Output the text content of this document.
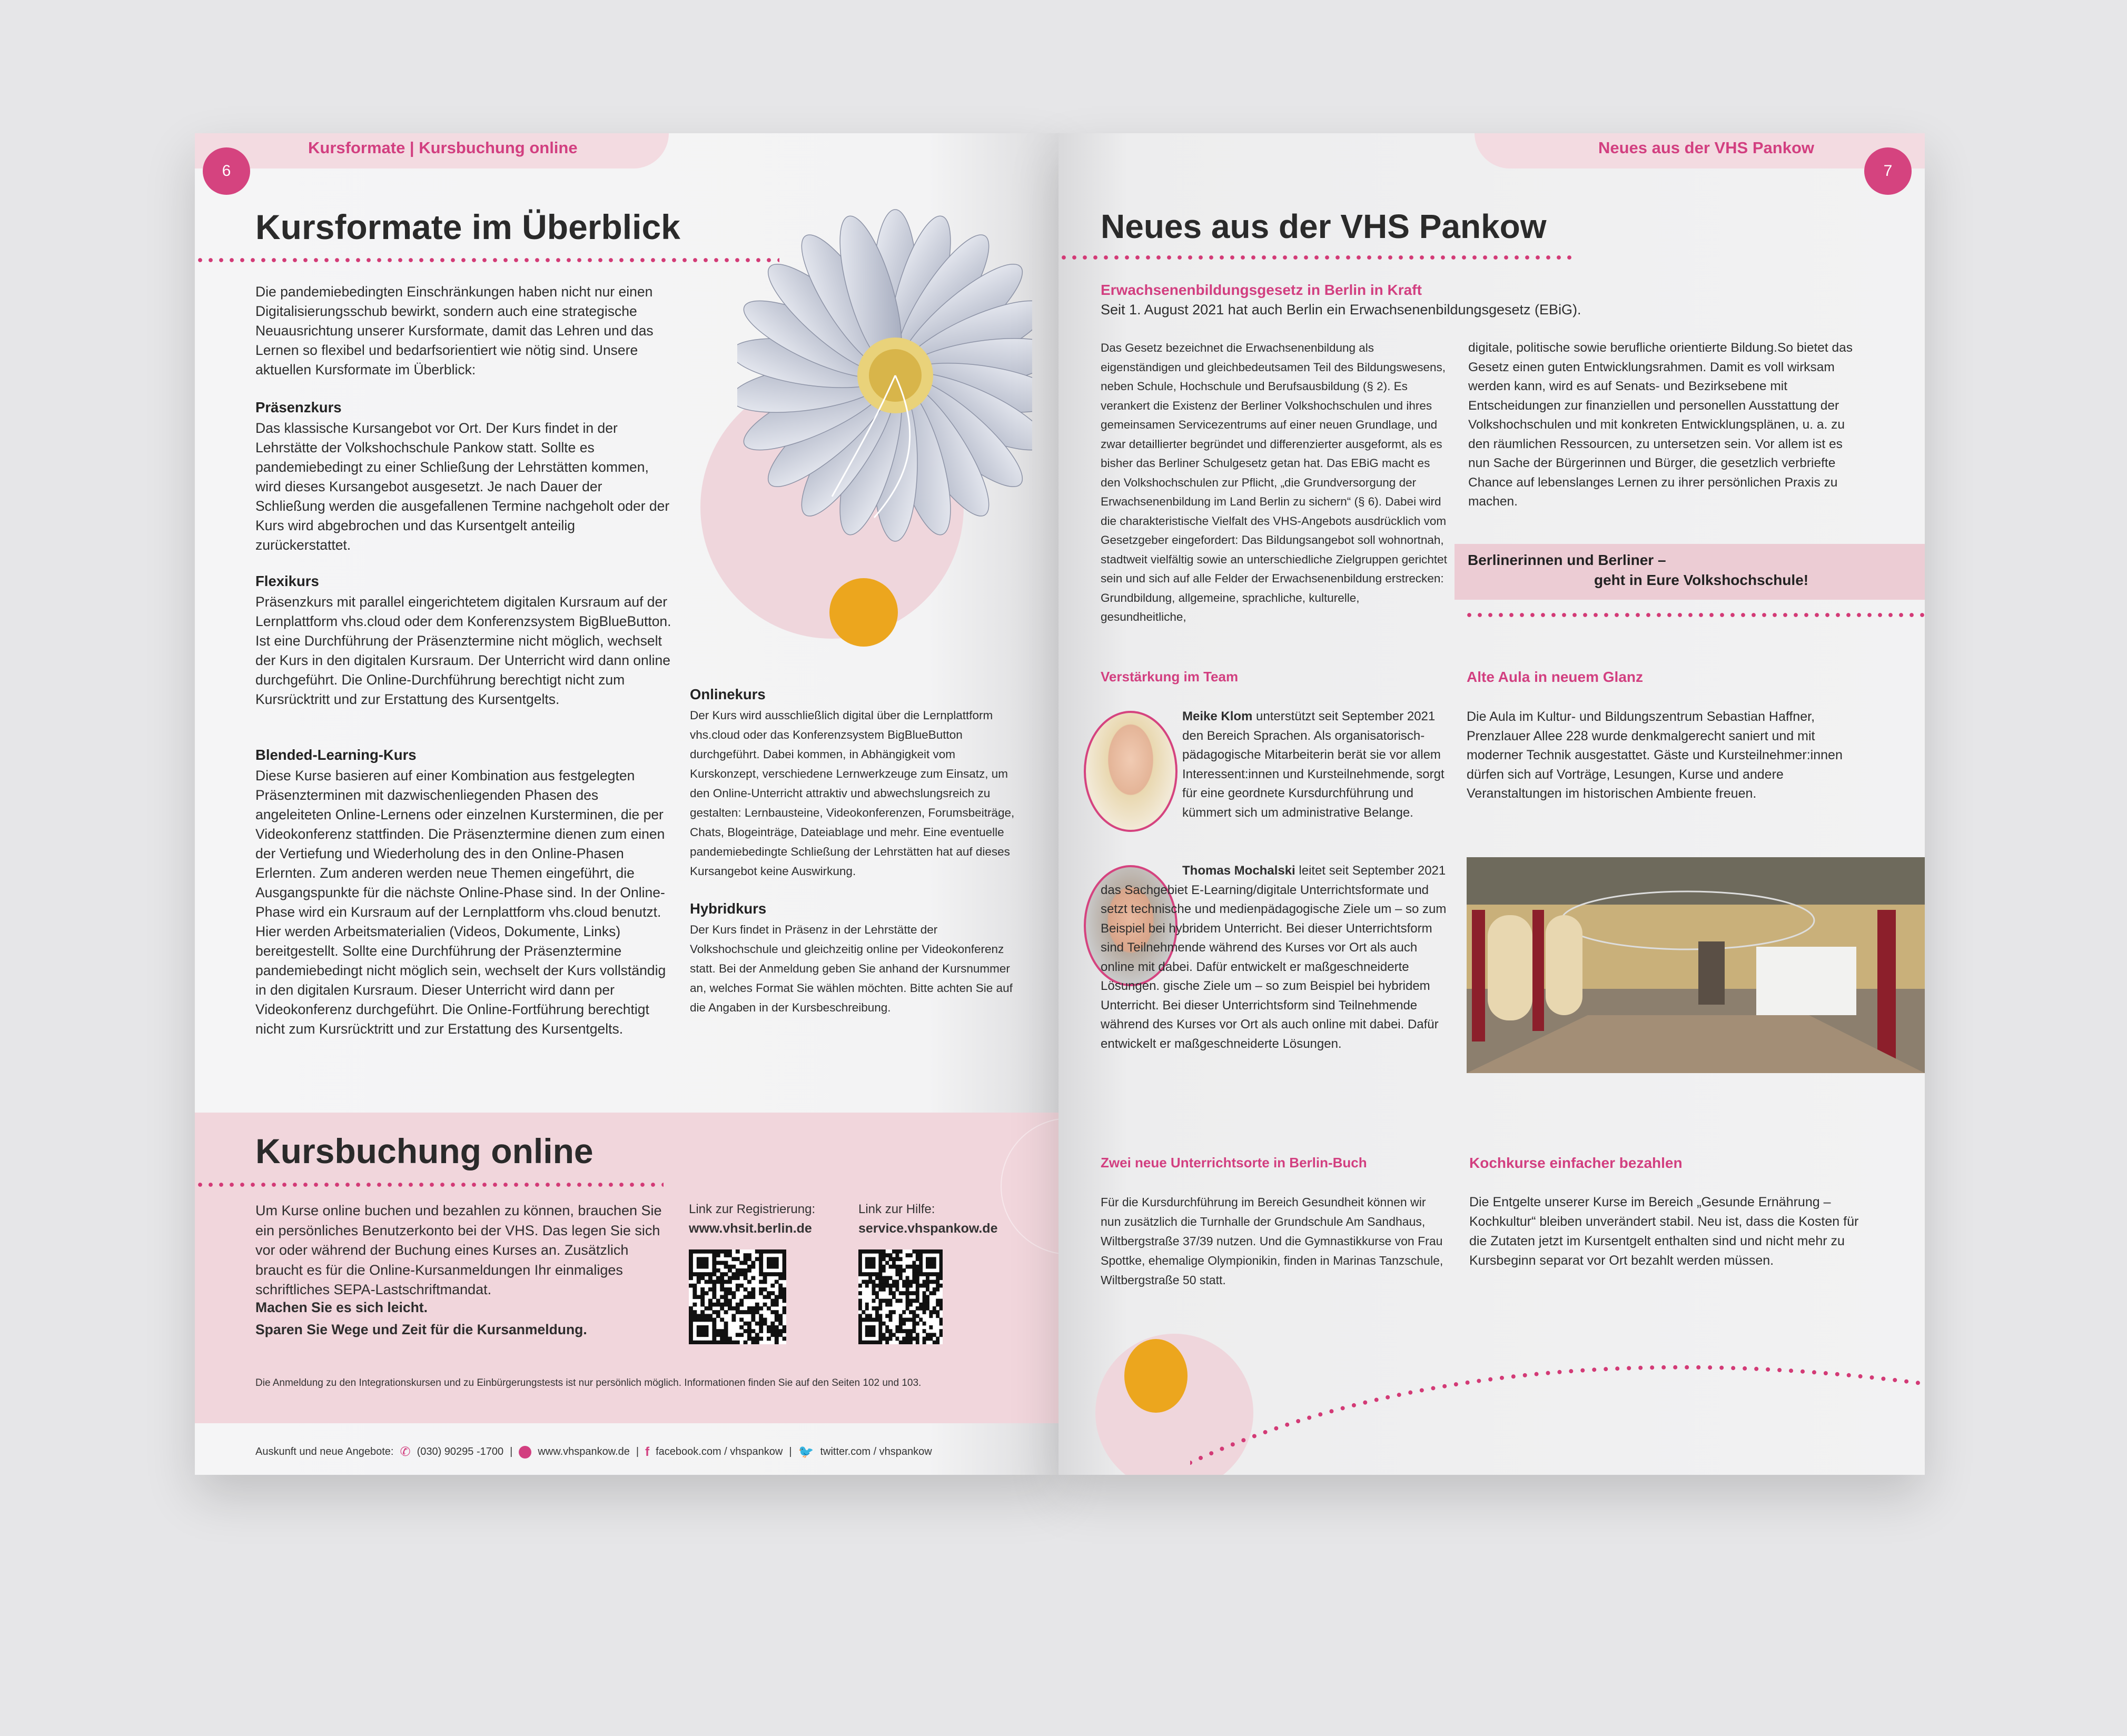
Kursformate | Kursbuchung online
6
Kursformate im Überblick
Die pandemiebedingten Einschränkungen haben nicht nur einen Digitalisierungsschub bewirkt, sondern auch eine strategische Neuausrichtung unserer Kursformate, damit das Lehren und das Lernen so flexibel und bedarfsorientiert wie nötig sind. Unsere aktuellen Kursformate im Überblick:
Präsenzkurs
Das klassische Kursangebot vor Ort. Der Kurs findet in der Lehrstätte der Volkshochschule Pankow statt. Sollte es pandemiebedingt zu einer Schließung der Lehrstätten kommen, wird dieses Kursangebot ausgesetzt. Je nach Dauer der Schließung werden die ausgefallenen Termine nachgeholt oder der Kurs wird abgebrochen und das Kursentgelt anteilig zurückerstattet.
Flexikurs
Präsenzkurs mit parallel eingerichtetem digitalen Kursraum auf der Lernplattform vhs.cloud oder dem Konferenzsystem BigBlueButton. Ist eine Durchführung der Präsenztermine nicht möglich, wechselt der Kurs in den digitalen Kursraum. Der Unterricht wird dann online durchgeführt. Die Online-Durchführung berechtigt nicht zum Kursrücktritt und zur Erstattung des Kursentgelts.
Blended-Learning-Kurs
Diese Kurse basieren auf einer Kombination aus festgelegten Präsenzterminen mit dazwischenliegenden Phasen des angeleiteten Online-Lernens oder einzelnen Kursterminen, die per Videokonferenz stattfinden. Die Präsenztermine dienen zum einen der Vertiefung und Wiederholung des in den Online-Phasen Erlernten. Zum anderen werden neue Themen eingeführt, die Ausgangspunkte für die nächste Online-Phase sind. In der Online-Phase wird ein Kursraum auf der Lernplattform vhs.cloud benutzt. Hier werden Arbeitsmaterialien (Videos, Dokumente, Links) bereitgestellt. Sollte eine Durchführung der Präsenztermine pandemiebedingt nicht möglich sein, wechselt der Kurs vollständig in den digitalen Kursraum. Dieser Unterricht wird dann per Videokonferenz durchgeführt. Die Online-Fortführung berechtigt nicht zum Kursrücktritt und zur Erstattung des Kursentgelts.
Onlinekurs
Der Kurs wird ausschließlich digital über die Lernplattform vhs.cloud oder das Konferenzsystem BigBlueButton durchgeführt. Dabei kommen, in Abhängigkeit vom Kurskonzept, verschiedene Lernwerkzeuge zum Einsatz, um den Online-Unterricht attraktiv und abwechslungsreich zu gestalten: Lernbausteine, Videokonferenzen, Forumsbeiträge, Chats, Blogeinträge, Dateiablage und mehr. Eine eventuelle pandemiebedingte Schließung der Lehrstätten hat auf dieses Kursangebot keine Auswirkung.
Hybridkurs
Der Kurs findet in Präsenz in der Lehrstätte der Volkshochschule und gleichzeitig online per Videokonferenz statt. Bei der Anmeldung geben Sie anhand der Kursnummer an, welches Format Sie wählen möchten. Bitte achten Sie auf die Angaben in der Kursbeschreibung.
Kursbuchung online
Um Kurse online buchen und bezahlen zu können, brauchen Sie ein persönliches Benutzerkonto bei der VHS. Das legen Sie sich vor oder während der Buchung eines Kurses an. Zusätzlich braucht es für die Online-Kursanmeldungen Ihr einmaliges schriftliches SEPA-Lastschriftmandat.
Machen Sie es sich leicht.
Sparen Sie Wege und Zeit für die Kursanmeldung.
Link zur Registrierung:
www.vhsit.berlin.de
Link zur Hilfe:
service.vhspankow.de
Die Anmeldung zu den Integrationskursen und zu Einbürgerungstests ist nur persönlich möglich. Informationen finden Sie auf den Seiten 102 und 103.
Auskunft und neue Angebote: ✆ (030) 90295 -1700 | www.vhspankow.de | f facebook.com / vhspankow | 🐦 twitter.com / vhspankow
Neues aus der VHS Pankow
7
Neues aus der VHS Pankow
Erwachsenenbildungsgesetz in Berlin in Kraft
Seit 1. August 2021 hat auch Berlin ein Erwachsenenbildungsgesetz (EBiG).
Das Gesetz bezeichnet die Erwachsenenbildung als eigenständigen und gleichbedeutsamen Teil des Bildungswesens, neben Schule, Hochschule und Berufsausbildung (§ 2). Es verankert die Existenz der Berliner Volkshochschulen und ihres gemeinsamen Servicezentrums auf einer neuen Grundlage, und zwar detaillierter begründet und differenzierter ausgeformt, als es bisher das Berliner Schulgesetz getan hat. Das EBiG macht es den Volkshochschulen zur Pflicht, „die Grundversorgung der Erwachsenenbildung im Land Berlin zu sichern“ (§ 6). Dabei wird die charakteristische Vielfalt des VHS-Angebots ausdrücklich vom Gesetzgeber eingefordert: Das Bildungsangebot soll wohnortnah, stadtweit vielfältig sowie an unterschiedliche Zielgruppen gerichtet sein und sich auf alle Felder der Erwachsenenbildung erstrecken: Grundbildung, allgemeine, sprachliche, kulturelle, gesundheitliche,
digitale, politische sowie berufliche orientierte Bildung.So bietet das Gesetz einen guten Entwicklungsrahmen. Damit es voll wirksam werden kann, wird es auf Senats- und Bezirksebene mit Entscheidungen zur finanziellen und personellen Ausstattung der Volkshochschulen und mit konkreten Entwicklungsplänen, u. a. zu den räumlichen Ressourcen, zu untersetzen sein. Vor allem ist es nun Sache der Bürgerinnen und Bürger, die gesetzlich verbriefte Chance auf lebenslanges Lernen zu ihrer persönlichen Praxis zu machen.
Berlinerinnen und Berliner –
geht in Eure Volkshochschule!
Verstärkung im Team
Meike Klom unterstützt seit September 2021 den Bereich Sprachen. Als organisatorisch-pädagogische Mitarbeiterin berät sie vor allem Interessent:innen und Kursteilnehmende, sorgt für eine geordnete Kursdurchführung und kümmert sich um administrative Belange.
Thomas Mochalski leitet seit September 2021 das Sachgebiet E-Learning/digitale Unterrichtsformate und setzt technische und medienpädagogische Ziele um – so zum Beispiel bei hybridem Unterricht. Bei dieser Unterrichtsform sind Teilnehmende während des Kurses vor Ort als auch online mit dabei. Dafür entwickelt er maßgeschneiderte Lösungen. gische Ziele um – so zum Beispiel bei hybridem Unterricht. Bei dieser Unterrichtsform sind Teilnehmende während des Kurses vor Ort als auch online mit dabei. Dafür entwickelt er maßgeschneiderte Lösungen.
Alte Aula in neuem Glanz
Die Aula im Kultur- und Bildungszentrum Sebastian Haffner, Prenzlauer Allee 228 wurde denkmalgerecht saniert und mit moderner Technik ausgestattet. Gäste und Kursteilnehmer:innen dürfen sich auf Vorträge, Lesungen, Kurse und andere Veranstaltungen im historischen Ambiente freuen.
Zwei neue Unterrichtsorte in Berlin-Buch
Für die Kursdurchführung im Bereich Gesundheit können wir nun zusätzlich die Turnhalle der Grundschule Am Sandhaus, Wiltbergstraße 37/39 nutzen. Und die Gymnastikkurse von Frau Spottke, ehemalige Olympionikin, finden in Marinas Tanzschule, Wiltbergstraße 50 statt.
Kochkurse einfacher bezahlen
Die Entgelte unserer Kurse im Bereich „Gesunde Ernährung – Kochkultur“ bleiben unverändert stabil. Neu ist, dass die Kosten für die Zutaten jetzt im Kursentgelt enthalten sind und nicht mehr zu Kursbeginn separat vor Ort bezahlt werden müssen.
